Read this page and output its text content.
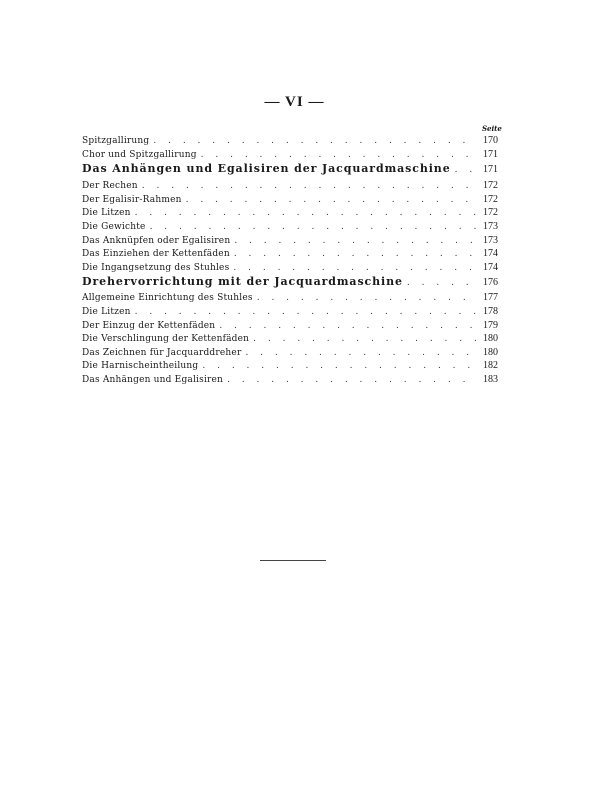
— VI —
Seite
Spitzgallirung . . .	170
Chor und Spitzgallirung . . .	171
Das Anhängen und Egalisiren der Jacquardmaschine . . .	171
Der Rechen . . .	172
Der Egalisir-Rahmen . . .	172
Die Litzen . . .	172
Die Gewichte . . .	173
Das Anknüpfen oder Egalisiren . . .	173
Das Einziehen der Kettenfäden . . .	174
Die Ingangsetzung des Stuhles . . .	174
Drehervorrichtung mit der Jacquardmaschine . . .	176
Allgemeine Einrichtung des Stuhles . . .	177
Die Litzen . . .	178
Der Einzug der Kettenfäden . . .	179
Die Verschlingung der Kettenfäden . . .	180
Das Zeichnen für Jacquarddreher . . .	180
Die Harnischeintheilung . . .	182
Das Anhängen und Egalisiren . . .	183
